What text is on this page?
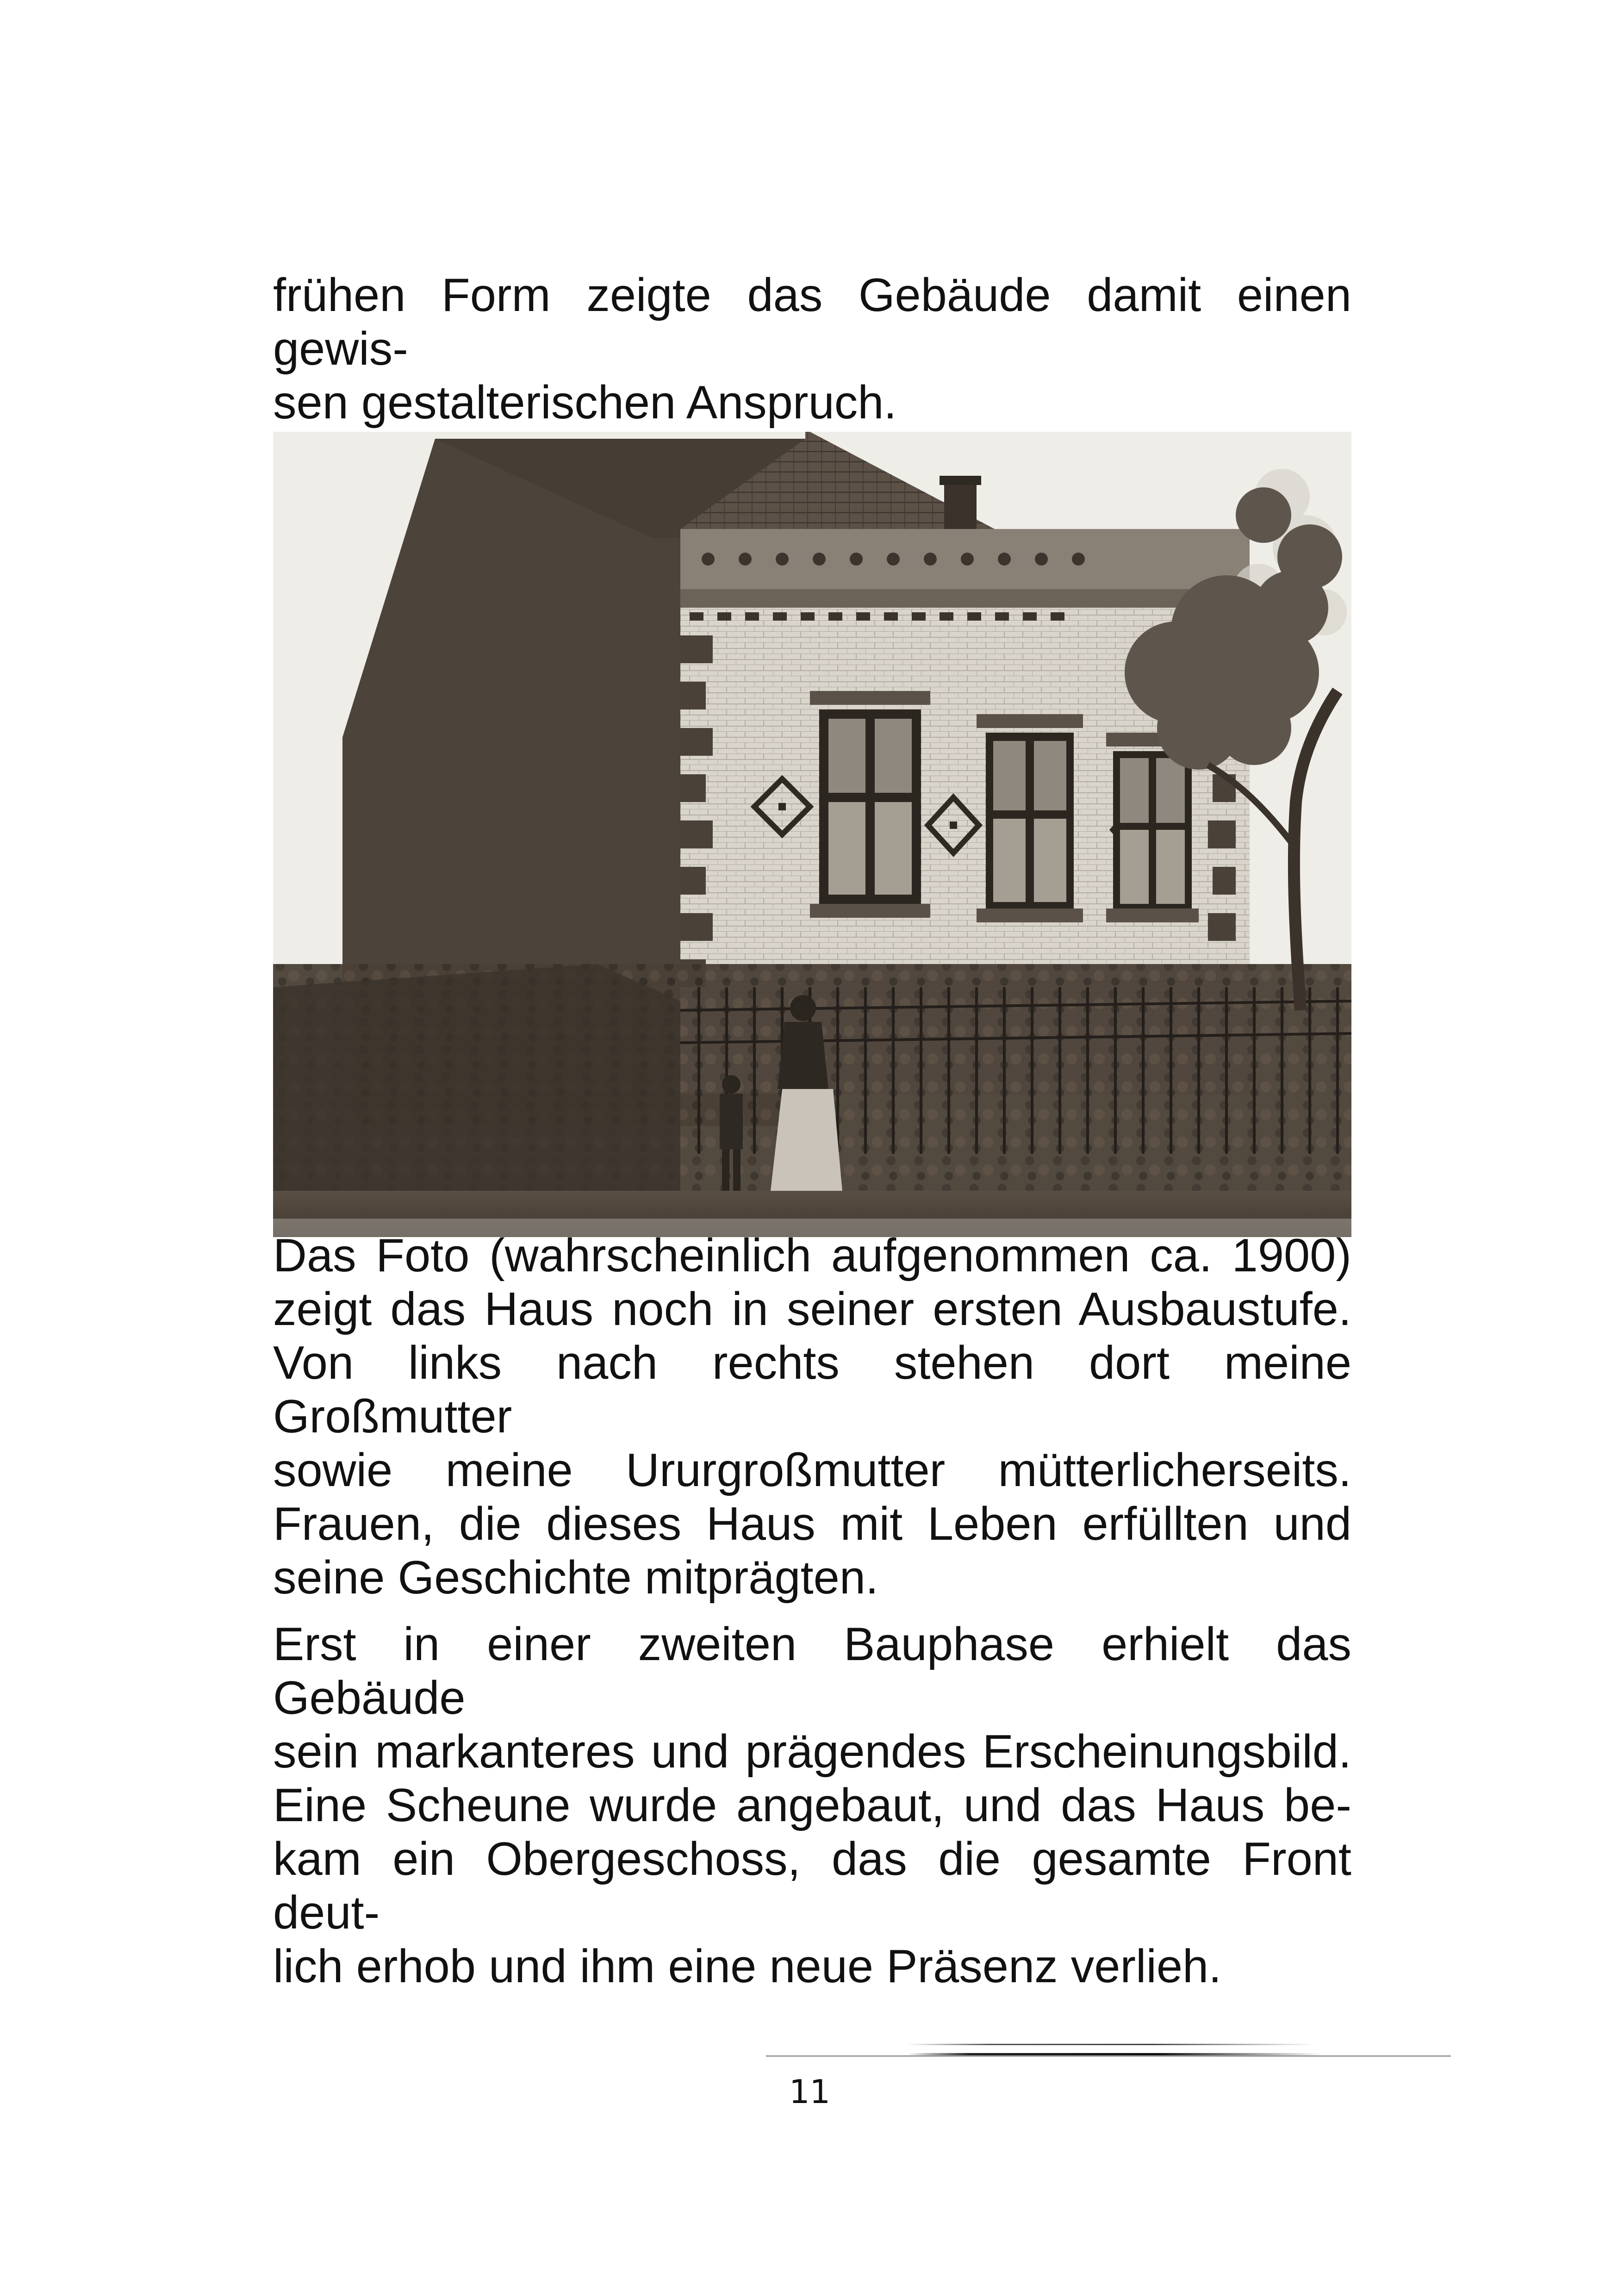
frühen Form zeigte das Gebäude damit einen gewis-
sen gestalterischen Anspruch.
Das Foto (wahrscheinlich aufgenommen ca. 1900)
zeigt das Haus noch in seiner ersten Ausbaustufe.
Von links nach rechts stehen dort meine Großmutter
sowie meine Ururgroßmutter mütterlicherseits.
Frauen, die dieses Haus mit Leben erfüllten und
seine Geschichte mitprägten.
Erst in einer zweiten Bauphase erhielt das Gebäude
sein markanteres und prägendes Erscheinungsbild.
Eine Scheune wurde angebaut, und das Haus be-
kam ein Obergeschoss, das die gesamte Front deut-
lich erhob und ihm eine neue Präsenz verlieh.
11
